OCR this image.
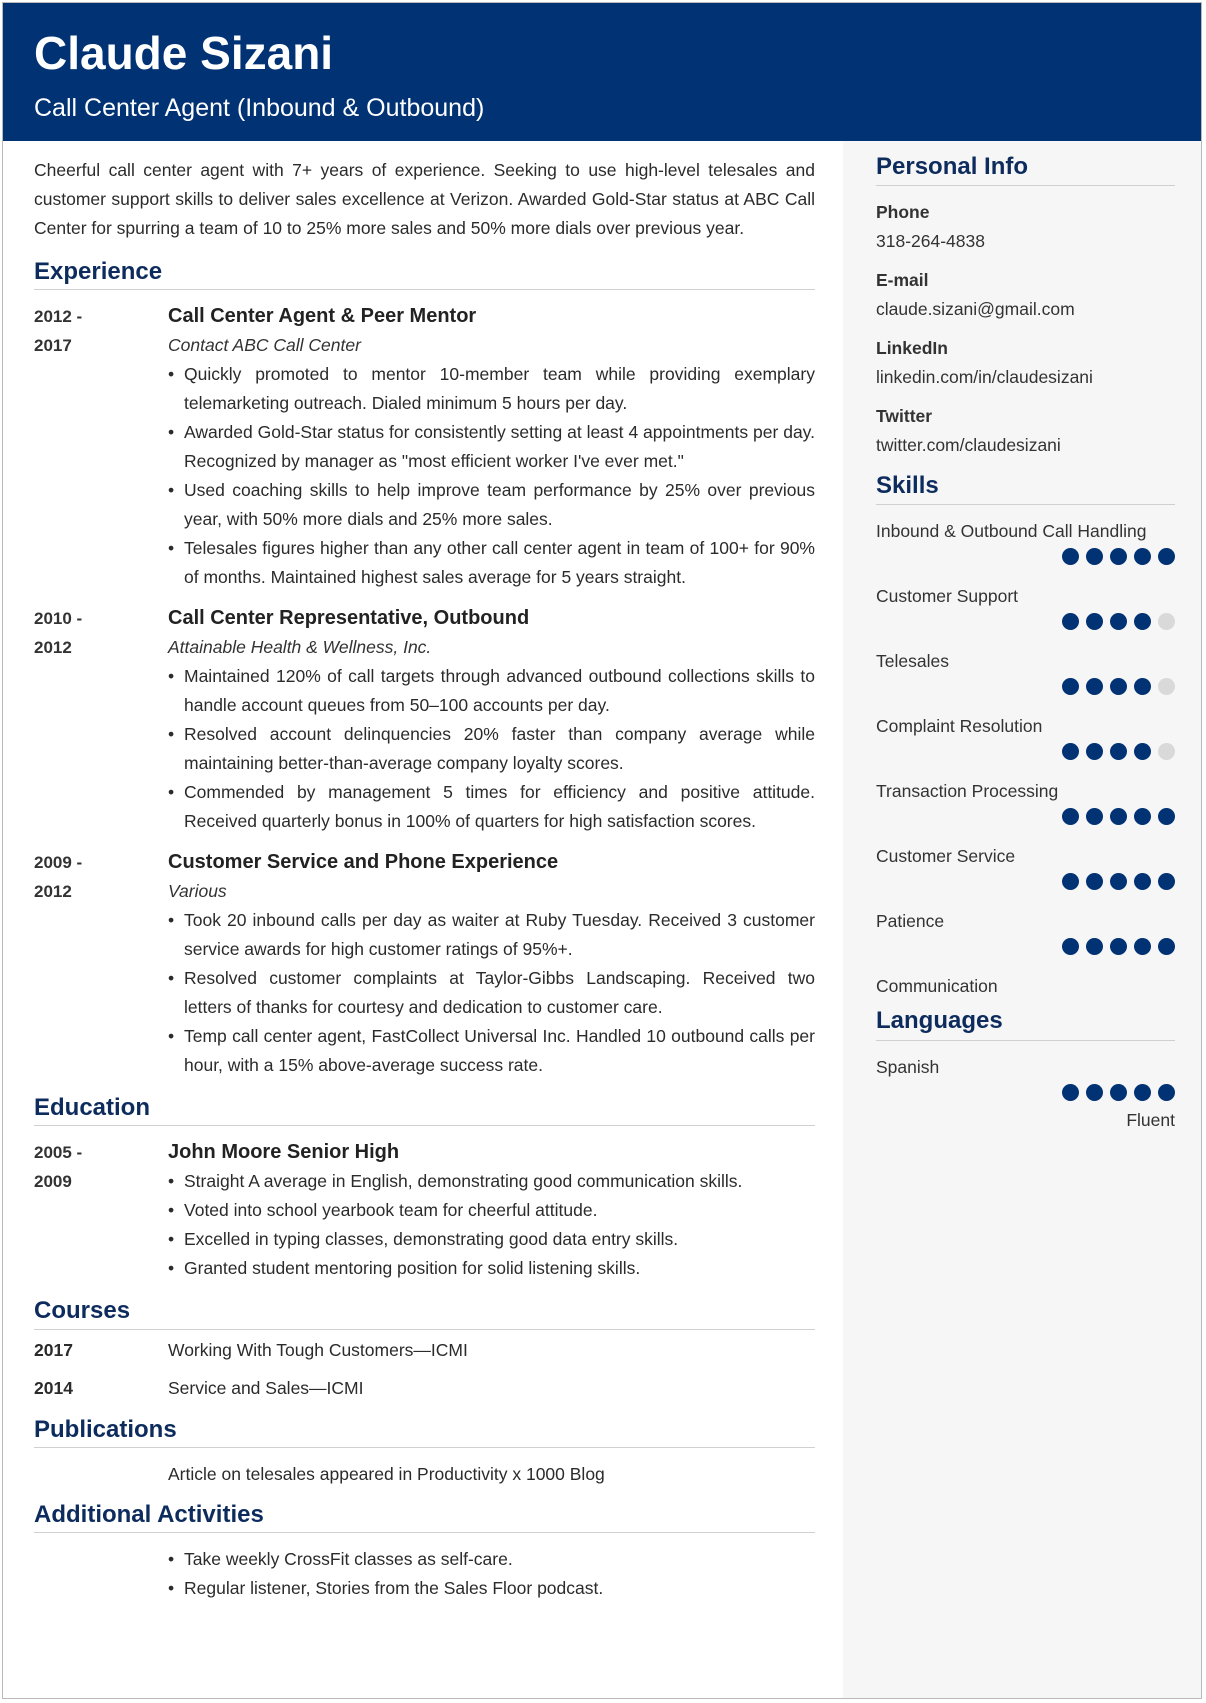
Claude Sizani
Call Center Agent (Inbound & Outbound)
Personal Info
Phone
318-264-4838
E-mail
claude.sizani@gmail.com
LinkedIn
linkedin.com/in/claudesizani
Twitter
twitter.com/claudesizani
Skills
Inbound & Outbound Call Handling
Customer Support
Telesales
Complaint Resolution
Transaction Processing
Customer Service
Patience
Communication
Languages
Spanish
Fluent

Cheerful call center agent with 7+ years of experience. Seeking to use high-level telesales and customer support skills to deliver sales excellence at Verizon. Awarded Gold-Star status at ABC Call Center for spurring a team of 10 to 25% more sales and 50% more dials over previous year.

Experience
2012 -
2017
Call Center Agent & Peer Mentor
Contact ABC Call Center
• Quickly promoted to mentor 10-member team while providing exemplary telemarketing outreach. Dialed minimum 5 hours per day.
• Awarded Gold-Star status for consistently setting at least 4 appointments per day. Recognized by manager as "most efficient worker I've ever met."
• Used coaching skills to help improve team performance by 25% over previous year, with 50% more dials and 25% more sales.
• Telesales figures higher than any other call center agent in team of 100+ for 90% of months. Maintained highest sales average for 5 years straight.
2010 -
2012
Call Center Representative, Outbound
Attainable Health & Wellness, Inc.
• Maintained 120% of call targets through advanced outbound collections skills to handle account queues from 50–100 accounts per day.
• Resolved account delinquencies 20% faster than company average while maintaining better-than-average company loyalty scores.
• Commended by management 5 times for efficiency and positive attitude. Received quarterly bonus in 100% of quarters for high satisfaction scores.
2009 -
2012
Customer Service and Phone Experience
Various
• Took 20 inbound calls per day as waiter at Ruby Tuesday. Received 3 customer service awards for high customer ratings of 95%+.
• Resolved customer complaints at Taylor-Gibbs Landscaping. Received two letters of thanks for courtesy and dedication to customer care.
• Temp call center agent, FastCollect Universal Inc. Handled 10 outbound calls per hour, with a 15% above-average success rate.
Education
2005 -
2009
John Moore Senior High
• Straight A average in English, demonstrating good communication skills.
• Voted into school yearbook team for cheerful attitude.
• Excelled in typing classes, demonstrating good data entry skills.
• Granted student mentoring position for solid listening skills.
Courses
2017	Working With Tough Customers—ICMI
2014	Service and Sales—ICMI
Publications
Article on telesales appeared in Productivity x 1000 Blog
Additional Activities
• Take weekly CrossFit classes as self-care.
• Regular listener, Stories from the Sales Floor podcast.
